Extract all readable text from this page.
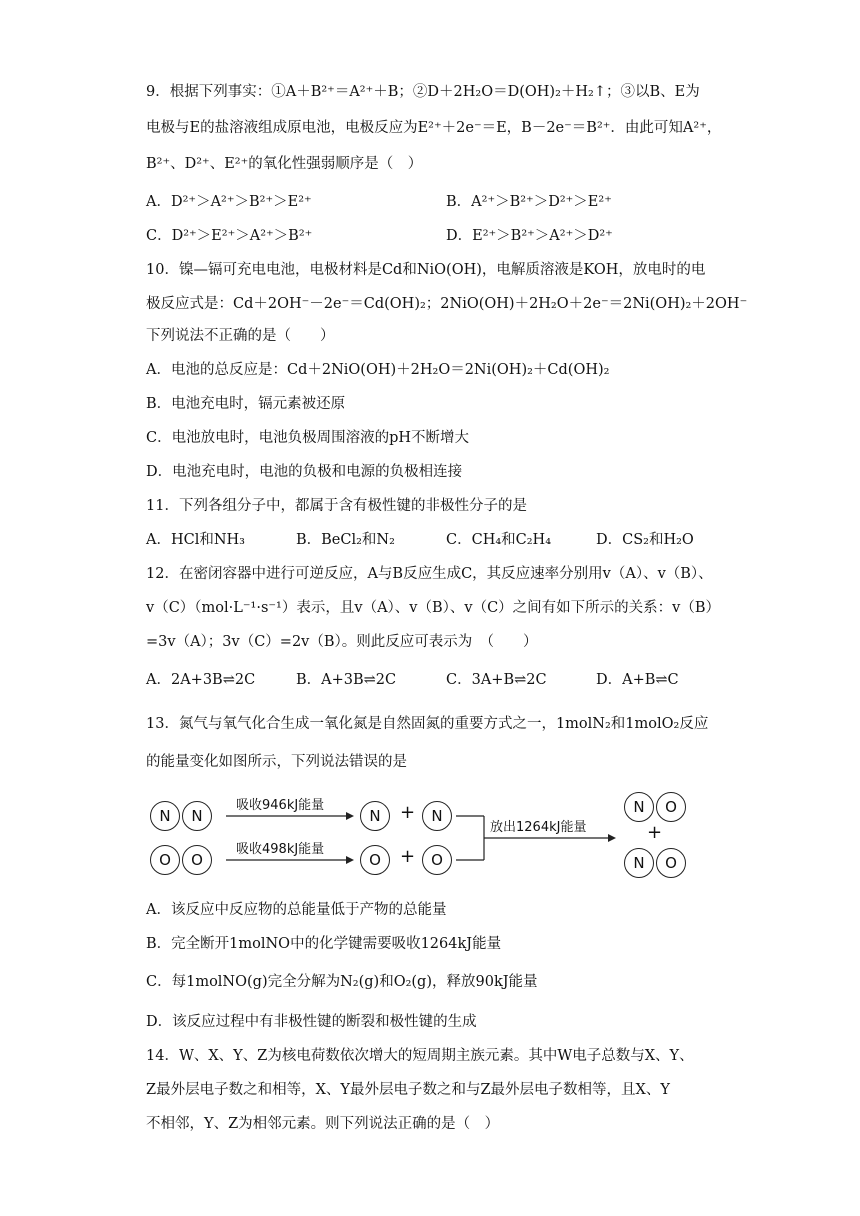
9．根据下列事实：①A＋B²⁺＝A²⁺＋B；②D＋2H₂O＝D(OH)₂＋H₂↑；③以B、E为
电极与E的盐溶液组成原电池，电极反应为E²⁺＋2e⁻＝E，B－2e⁻＝B²⁺．由此可知A²⁺，
B²⁺、D²⁺、E²⁺的氧化性强弱顺序是（　）
A．D²⁺＞A²⁺＞B²⁺＞E²⁺	B．A²⁺＞B²⁺＞D²⁺＞E²⁺
C．D²⁺＞E²⁺＞A²⁺＞B²⁺	D．E²⁺＞B²⁺＞A²⁺＞D²⁺
10．镍—镉可充电电池，电极材料是Cd和NiO(OH)，电解质溶液是KOH，放电时的电
极反应式是：Cd＋2OH⁻－2e⁻＝Cd(OH)₂；2NiO(OH)＋2H₂O＋2e⁻＝2Ni(OH)₂＋2OH⁻
下列说法不正确的是（　　）
A．电池的总反应是：Cd＋2NiO(OH)＋2H₂O＝2Ni(OH)₂＋Cd(OH)₂
B．电池充电时，镉元素被还原
C．电池放电时，电池负极周围溶液的pH不断增大
D．电池充电时，电池的负极和电源的负极相连接
11．下列各组分子中，都属于含有极性键的非极性分子的是
A．HCl和NH₃	B．BeCl₂和N₂	C．CH₄和C₂H₄	D．CS₂和H₂O
12．在密闭容器中进行可逆反应，A与B反应生成C，其反应速率分别用v（A）、v（B）、
v（C）（mol·L⁻¹·s⁻¹）表示，且v（A）、v（B）、v（C）之间有如下所示的关系：v（B）
=3v（A）；3v（C）=2v（B）。则此反应可表示为　（　　）
A．2A+3B⇌2C	B．A+3B⇌2C	C．3A+B⇌2C	D．A+B⇌C
13．氮气与氧气化合生成一氧化氮是自然固氮的重要方式之一，1molN₂和1molO₂反应
的能量变化如图所示，下列说法错误的是
N	N
O	O
吸收946kJ能量
吸收498kJ能量
N	+	N
O	+	O
放出1264kJ能量
N	O
+
N	O
A．该反应中反应物的总能量低于产物的总能量
B．完全断开1molNO中的化学键需要吸收1264kJ能量
C．每1molNO(g)完全分解为N₂(g)和O₂(g)，释放90kJ能量
D．该反应过程中有非极性键的断裂和极性键的生成
14．W、X、Y、Z为核电荷数依次增大的短周期主族元素。其中W电子总数与X、Y、
Z最外层电子数之和相等，X、Y最外层电子数之和与Z最外层电子数相等，且X、Y
不相邻，Y、Z为相邻元素。则下列说法正确的是（　）
